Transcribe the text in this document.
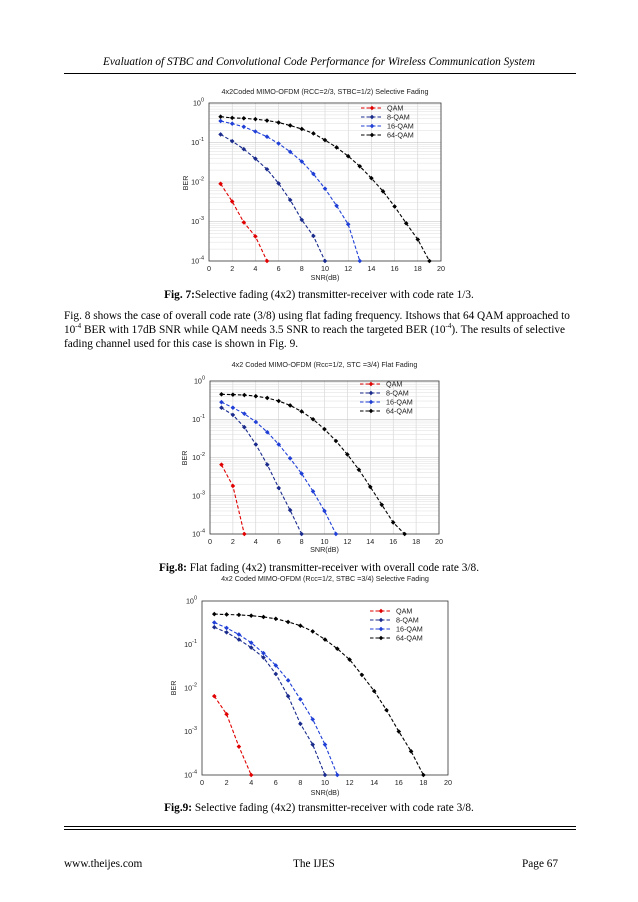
Evaluation of STBC and Convolutional Code Performance for Wireless Communication System
0	2	4	6	8 10 12 14 16 18 20
$10^0$
$10^{-1}$
$10^{-2}$
$10^{-3}$
$10^{-4}$
4x2Coded MIMO-OFDM (RCC=2/3, STBC=1/2) Selective Fading
SNR(dB)
BER
QAM
8-QAM
16-QAM
64-QAM
Fig. 7:Selective fading (4x2) transmitter-receiver with code rate 1/3.
Fig. 8 shows the case of overall code rate (3/8) using flat fading frequency. Itshows that 64 QAM approached to
$10^{-4}$ BER with 17dB SNR while QAM needs 3.5 SNR to reach the targeted BER $(10^{-4})$. The results of selective
fading channel used for this case is shown in Fig. 9.
0	2	4	6	8 10 12 14 16 18 20
$10^0$
$10^{-1}$
$10^{-2}$
$10^{-3}$
$10^{-4}$
4x2 Coded MIMO-OFDM (Rcc=1/2, STC =3/4) Flat Fading
SNR(dB)
BER
QAM
8-QAM
16-QAM
64-QAM
Fig.8: Flat fading (4x2) transmitter-receiver with overall code rate 3/8.
0	2	4	6	8	10 12 14 16 18 20
$10^0$
$10^{-1}$
$10^{-2}$
$10^{-3}$
$10^{-4}$
4x2 Coded MIMO-OFDM (Rcc=1/2, STBC =3/4) Selective Fading
SNR(dB)
BER
QAM
8-QAM
16-QAM
64-QAM
Fig.9: Selective fading (4x2) transmitter-receiver with code rate 3/8.
www.theijes.com	The IJES	Page 67
